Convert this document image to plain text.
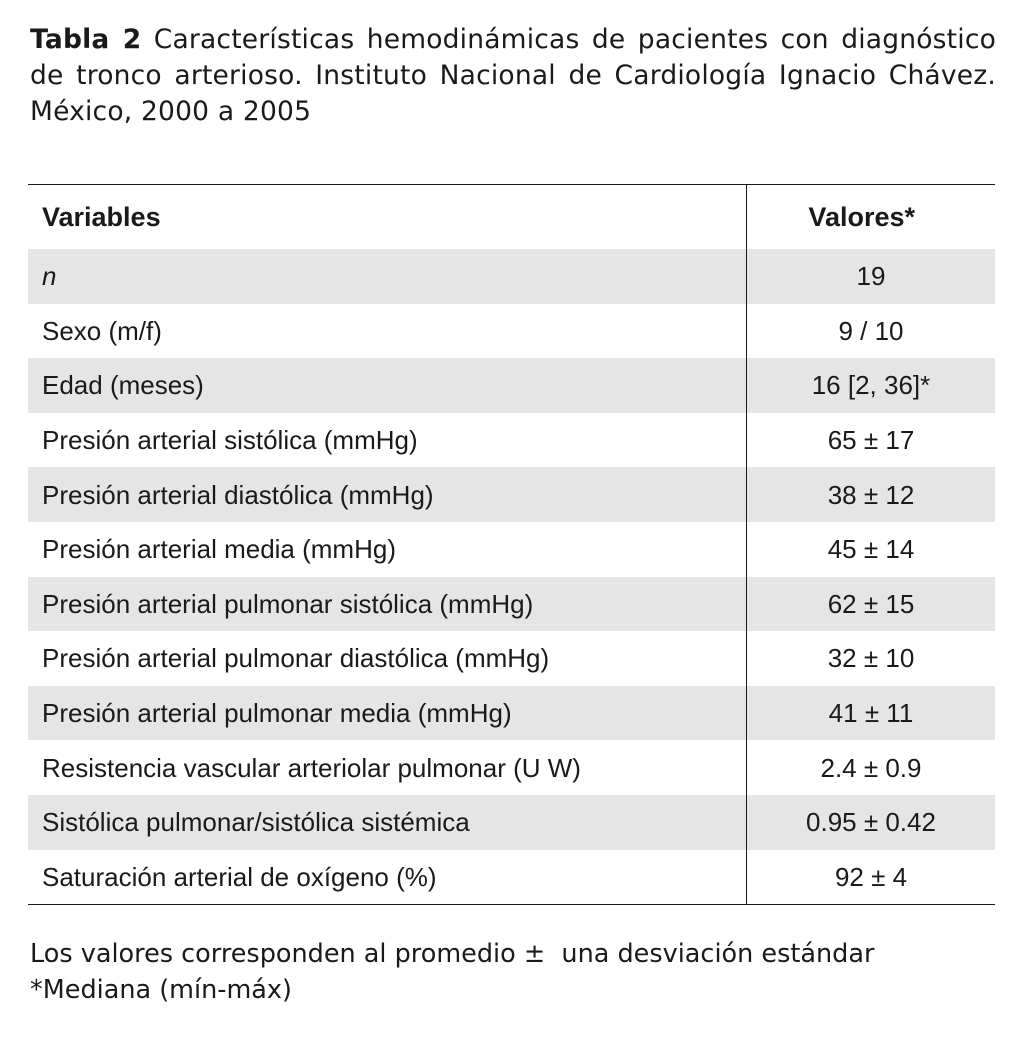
Tabla 2 Características hemodinámicas de pacientes con diagnóstico de tronco arterioso. Instituto Nacional de Cardiología Ignacio Chávez. México, 2000 a 2005
Variables	Valores*
n	19
Sexo (m/f)	9 / 10
Edad (meses)	16 [2, 36]*
Presión arterial sistólica (mmHg)	65 ± 17
Presión arterial diastólica (mmHg)	38 ± 12
Presión arterial media (mmHg)	45 ± 14
Presión arterial pulmonar sistólica (mmHg)	62 ± 15
Presión arterial pulmonar diastólica (mmHg)	32 ± 10
Presión arterial pulmonar media (mmHg)	41 ± 11
Resistencia vascular arteriolar pulmonar (U W)	2.4 ± 0.9
Sistólica pulmonar/sistólica sistémica	0.95 ± 0.42
Saturación arterial de oxígeno (%)	92 ± 4
Los valores corresponden al promedio ±  una desviación estándar
*Mediana (mín-máx)
